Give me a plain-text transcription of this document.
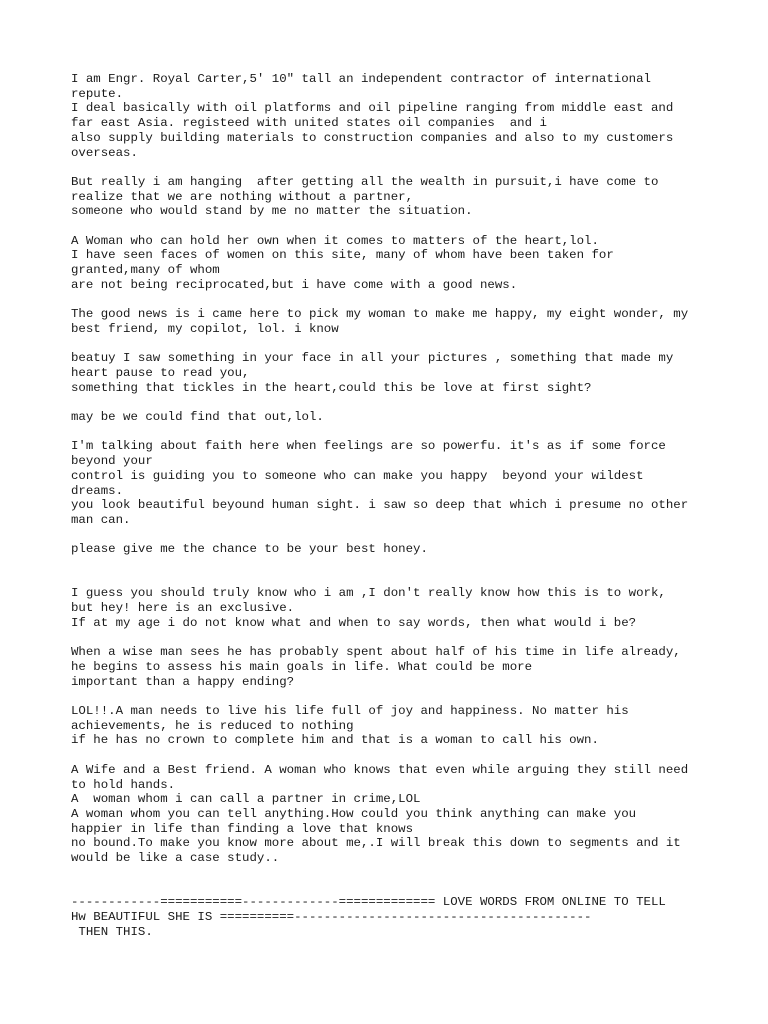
I am Engr. Royal Carter,5' 10" tall an independent contractor of international
repute.
I deal basically with oil platforms and oil pipeline ranging from middle east and
far east Asia. registeed with united states oil companies  and i
also supply building materials to construction companies and also to my customers
overseas.
But really i am hanging  after getting all the wealth in pursuit,i have come to
realize that we are nothing without a partner,
someone who would stand by me no matter the situation.
A Woman who can hold her own when it comes to matters of the heart,lol.
I have seen faces of women on this site, many of whom have been taken for
granted,many of whom
are not being reciprocated,but i have come with a good news.
The good news is i came here to pick my woman to make me happy, my eight wonder, my
best friend, my copilot, lol. i know
beatuy I saw something in your face in all your pictures , something that made my
heart pause to read you,
something that tickles in the heart,could this be love at first sight?
may be we could find that out,lol.
I'm talking about faith here when feelings are so powerfu. it's as if some force
beyond your
control is guiding you to someone who can make you happy  beyond your wildest
dreams.
you look beautiful beyound human sight. i saw so deep that which i presume no other
man can.
please give me the chance to be your best honey.
I guess you should truly know who i am ,I don't really know how this is to work,
but hey! here is an exclusive.
If at my age i do not know what and when to say words, then what would i be?
When a wise man sees he has probably spent about half of his time in life already,
he begins to assess his main goals in life. What could be more
important than a happy ending?
LOL!!.A man needs to live his life full of joy and happiness. No matter his
achievements, he is reduced to nothing
if he has no crown to complete him and that is a woman to call his own.
A Wife and a Best friend. A woman who knows that even while arguing they still need
to hold hands.
A  woman whom i can call a partner in crime,LOL
A woman whom you can tell anything.How could you think anything can make you
happier in life than finding a love that knows
no bound.To make you know more about me,.I will break this down to segments and it
would be like a case study..
------------===========-------------============= LOVE WORDS FROM ONLINE TO TELL
Hw BEAUTIFUL SHE IS ==========----------------------------------------
THEN THIS.
